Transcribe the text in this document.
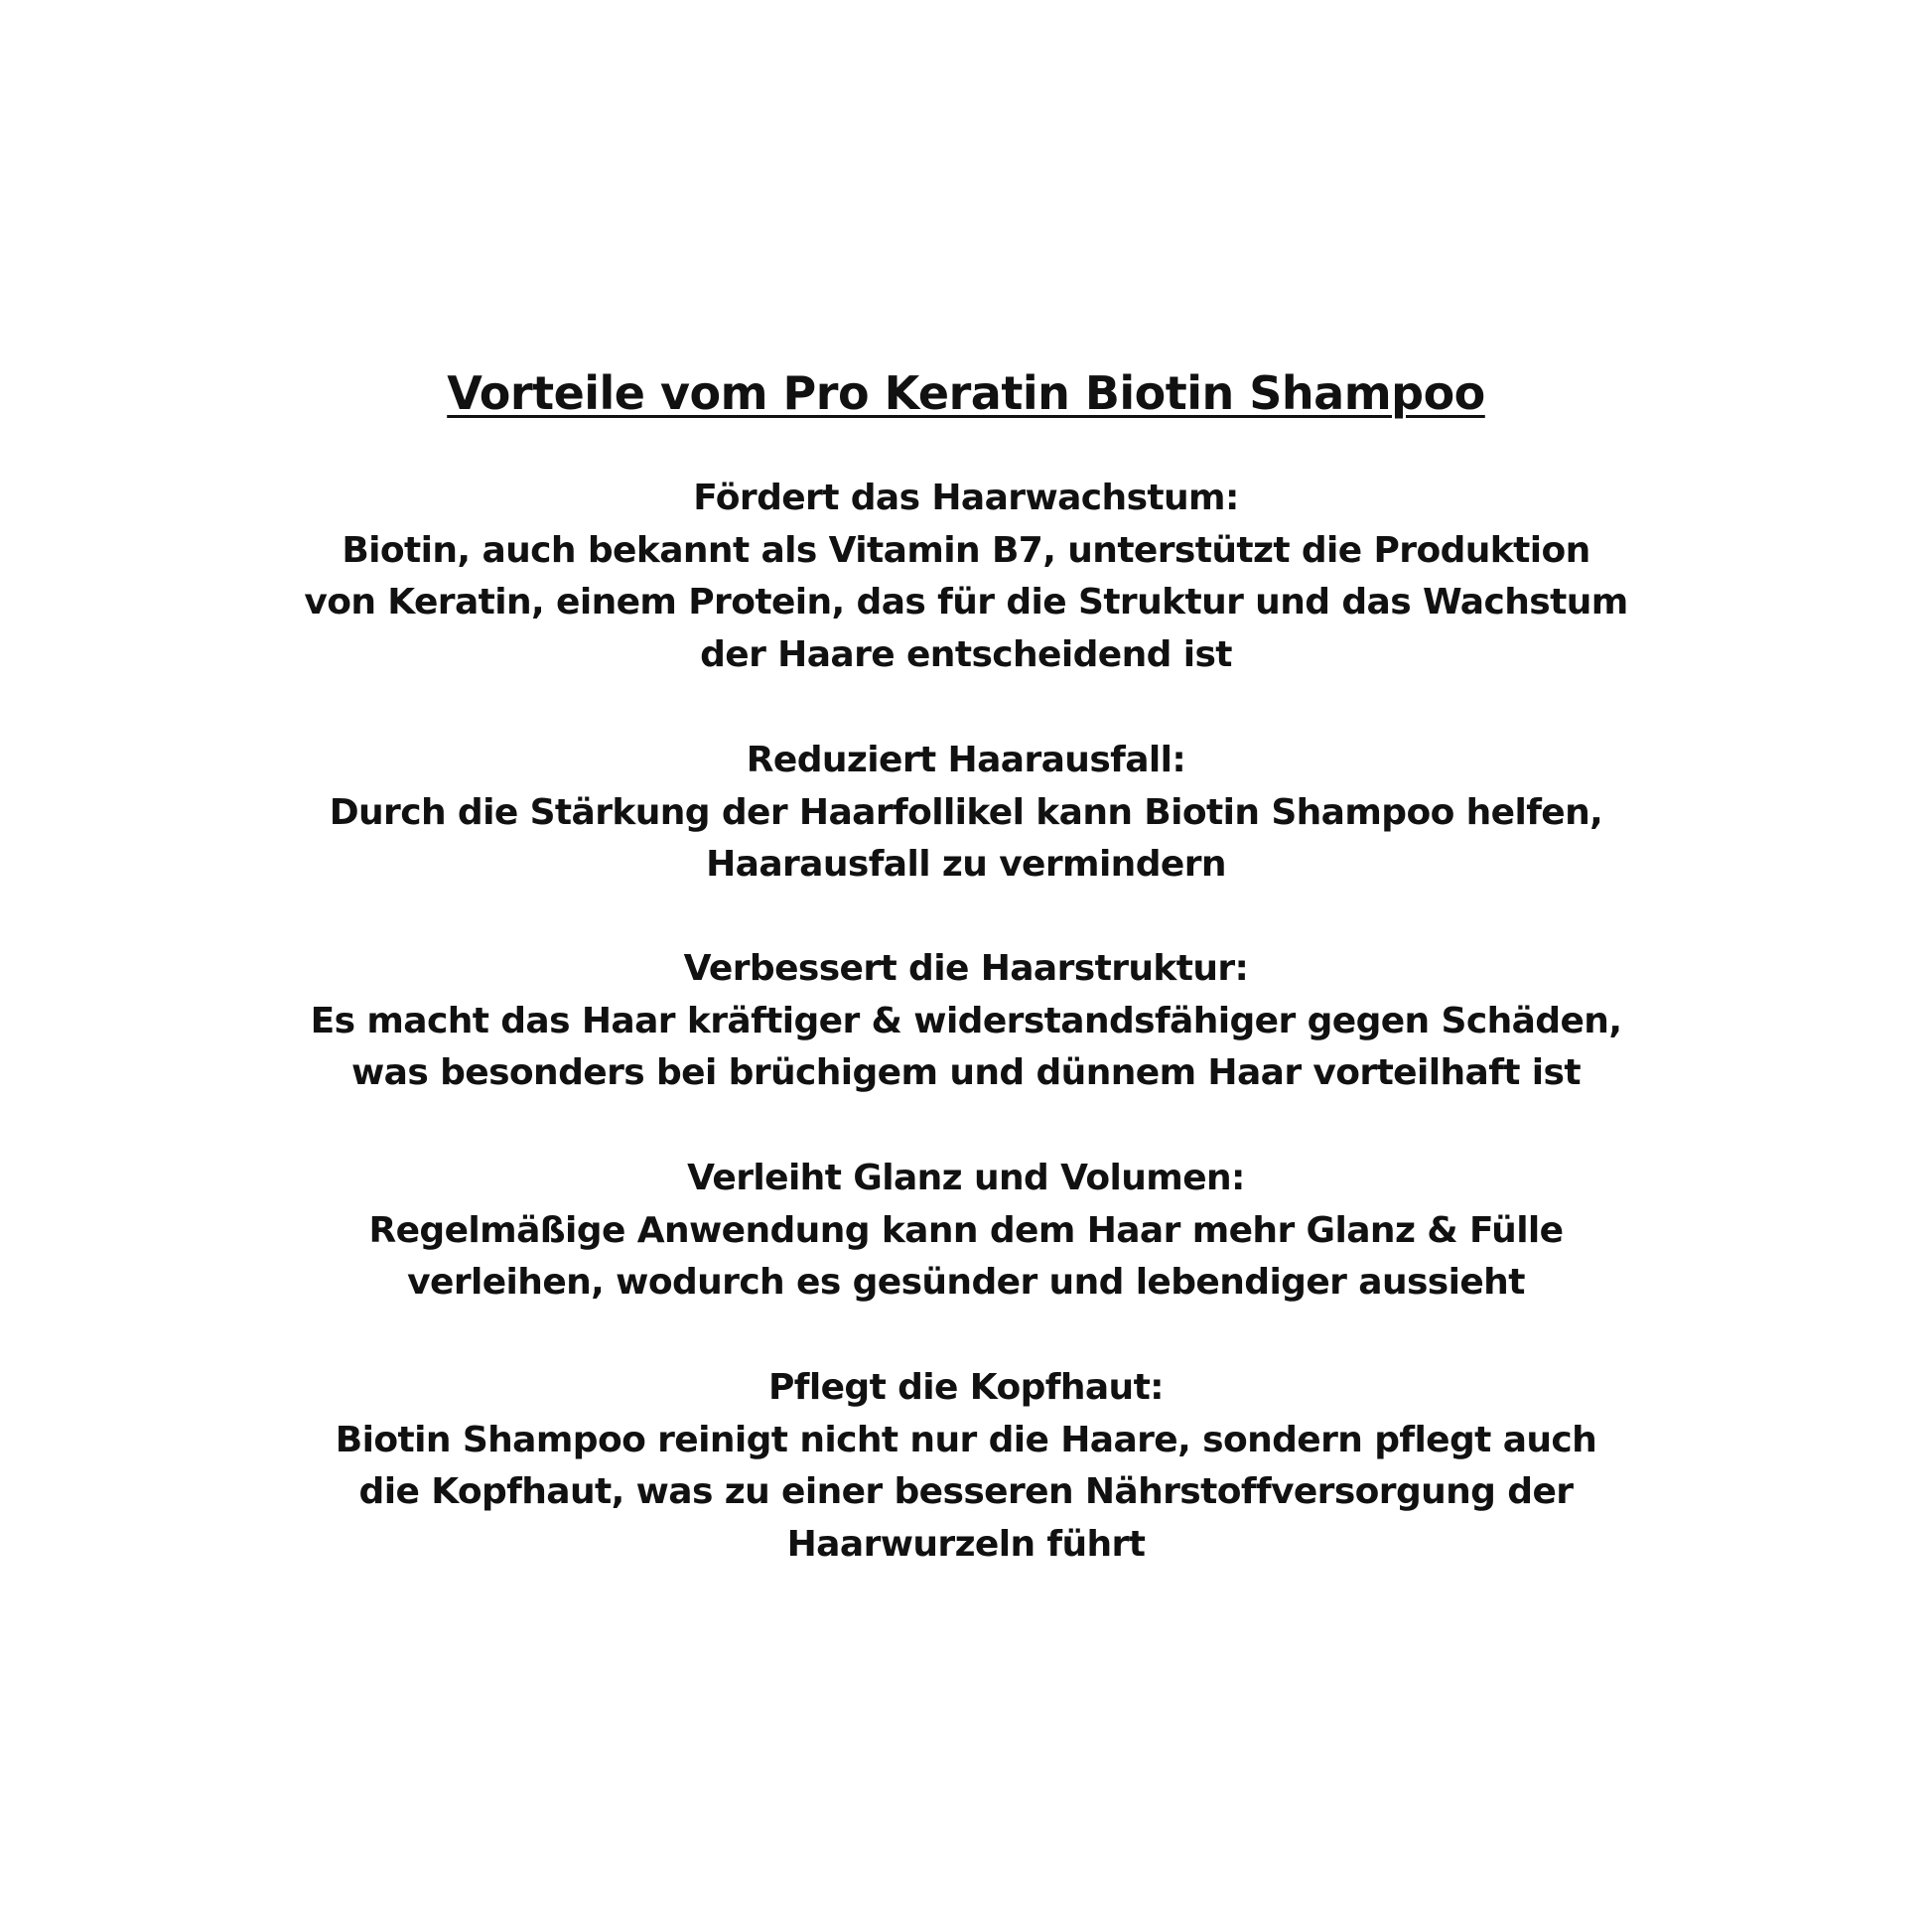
Vorteile vom Pro Keratin Biotin Shampoo
Fördert das Haarwachstum:
Biotin, auch bekannt als Vitamin B7, unterstützt die Produktion
von Keratin, einem Protein, das für die Struktur und das Wachstum
der Haare entscheidend ist
Reduziert Haarausfall:
Durch die Stärkung der Haarfollikel kann Biotin Shampoo helfen,
Haarausfall zu vermindern
Verbessert die Haarstruktur:
Es macht das Haar kräftiger & widerstandsfähiger gegen Schäden,
was besonders bei brüchigem und dünnem Haar vorteilhaft ist
Verleiht Glanz und Volumen:
Regelmäßige Anwendung kann dem Haar mehr Glanz & Fülle
verleihen, wodurch es gesünder und lebendiger aussieht
Pflegt die Kopfhaut:
Biotin Shampoo reinigt nicht nur die Haare, sondern pflegt auch
die Kopfhaut, was zu einer besseren Nährstoffversorgung der
Haarwurzeln führt
